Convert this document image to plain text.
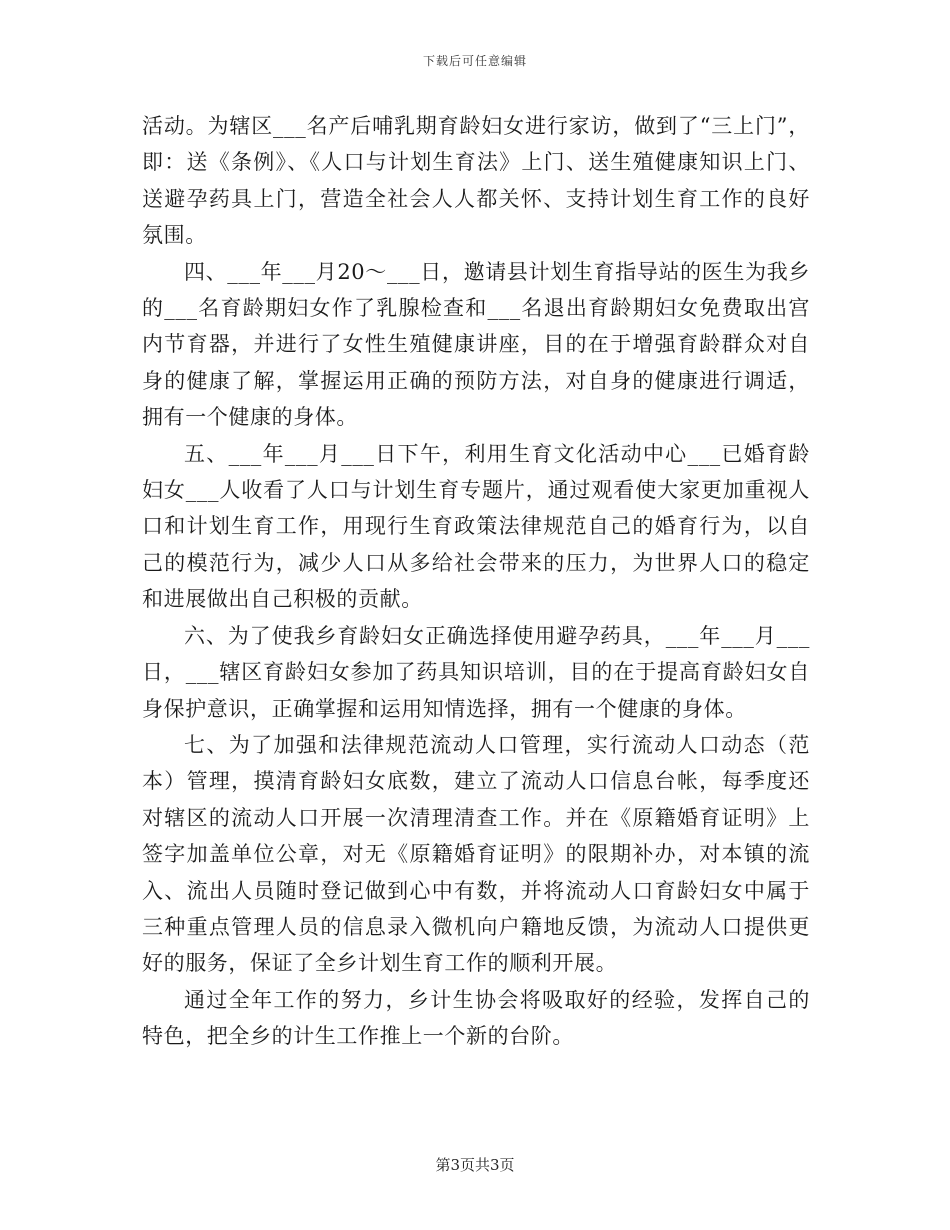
下载后可任意编辑

活动。为辖区___名产后哺乳期育龄妇女进行家访，做到了“三上门”，即：送《条例》、《人口与计划生育法》上门、送生殖健康知识上门、送避孕药具上门，营造全社会人人都关怀、支持计划生育工作的良好氛围。

四、___年___月20～___日，邀请县计划生育指导站的医生为我乡的___名育龄期妇女作了乳腺检查和___名退出育龄期妇女免费取出宫内节育器，并进行了女性生殖健康讲座，目的在于增强育龄群众对自身的健康了解，掌握运用正确的预防方法，对自身的健康进行调适，拥有一个健康的身体。

五、___年___月___日下午，利用生育文化活动中心___已婚育龄妇女___人收看了人口与计划生育专题片，通过观看使大家更加重视人口和计划生育工作，用现行生育政策法律规范自己的婚育行为，以自己的模范行为，减少人口从多给社会带来的压力，为世界人口的稳定和进展做出自己积极的贡献。

六、为了使我乡育龄妇女正确选择使用避孕药具，___年___月___日，___辖区育龄妇女参加了药具知识培训，目的在于提高育龄妇女自身保护意识，正确掌握和运用知情选择，拥有一个健康的身体。

七、为了加强和法律规范流动人口管理，实行流动人口动态（范本）管理，摸清育龄妇女底数，建立了流动人口信息台帐，每季度还对辖区的流动人口开展一次清理清查工作。并在《原籍婚育证明》上签字加盖单位公章，对无《原籍婚育证明》的限期补办，对本镇的流入、流出人员随时登记做到心中有数，并将流动人口育龄妇女中属于三种重点管理人员的信息录入微机向户籍地反馈，为流动人口提供更好的服务，保证了全乡计划生育工作的顺利开展。

通过全年工作的努力，乡计生协会将吸取好的经验，发挥自己的特色，把全乡的计生工作推上一个新的台阶。

第3页共3页
